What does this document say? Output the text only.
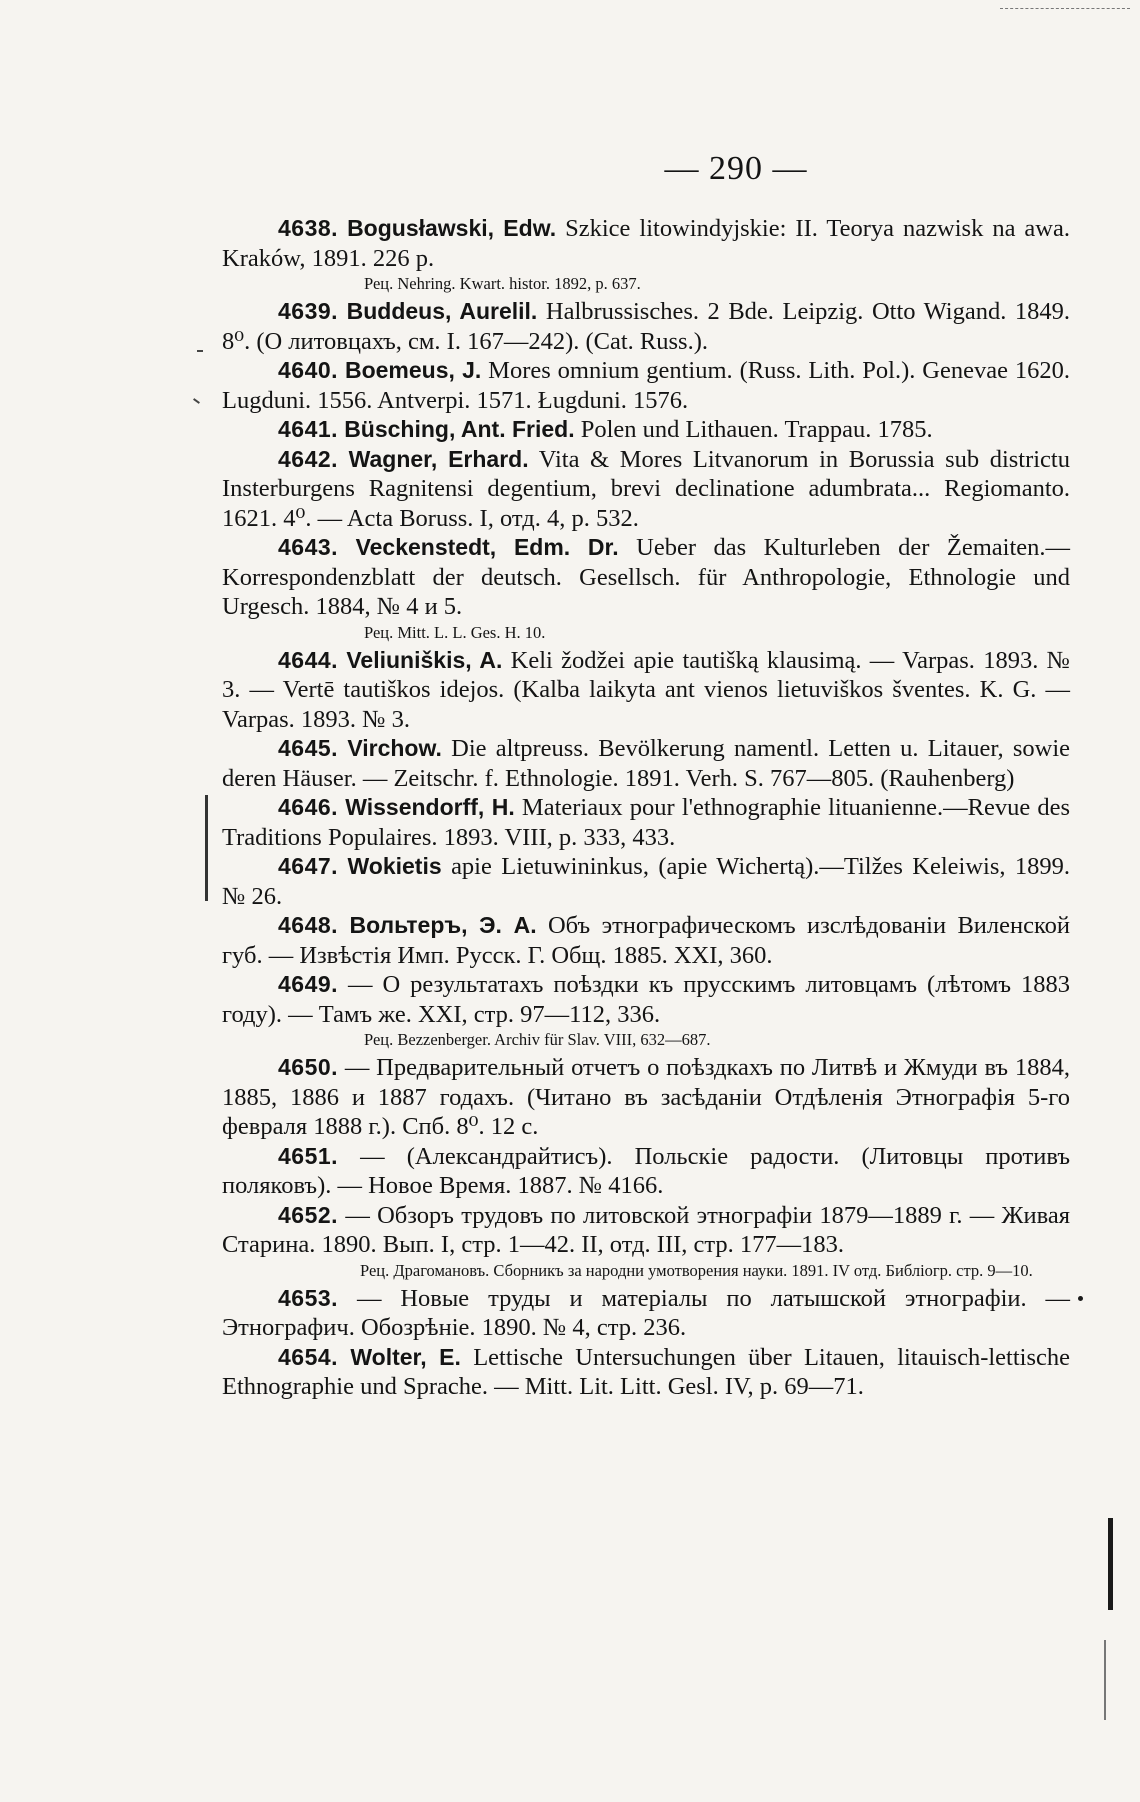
— 290 —

4638. Bogusławski, Edw. Szkice litowindyjskie: II. Teorya nazwisk na awa. Kraków, 1891. 226 p.

Рец. Nehring. Kwart. histor. 1892, p. 637.

4639. Buddeus, Aurelil. Halbrussisches. 2 Bde. Leipzig. Otto Wigand. 1849. 8⁰. (О литовцахъ, см. I. 167—242). (Cat. Russ.).

4640. Boemeus, J. Mores omnium gentium. (Russ. Lith. Pol.). Genevae 1620. Lugduni. 1556. Antverpi. 1571. Ługduni. 1576.

4641. Büsching, Ant. Fried. Polen und Lithauen. Trappau. 1785.

4642. Wagner, Erhard. Vita & Mores Litvanorum in Borussia sub districtu Insterburgens Ragnitensi degentium, brevi declinatione adumbrata... Regiomanto. 1621. 4⁰. — Acta Boruss. I, отд. 4, p. 532.

4643. Veckenstedt, Edm. Dr. Ueber das Kulturleben der Žemaiten.—Korrespondenzblatt der deutsch. Gesellsch. für Anthropologie, Ethnologie und Urgesch. 1884, № 4 и 5.

Рец. Mitt. L. L. Ges. H. 10.

4644. Veliuniškis, A. Keli žodžei apie tautišką klausimą. — Varpas. 1893. № 3. — Vertē tautiškos idejos. (Kalba laikyta ant vienos lietuviškos šventes. K. G. — Varpas. 1893. № 3.

4645. Virchow. Die altpreuss. Bevölkerung namentl. Letten u. Litauer, sowie deren Häuser. — Zeitschr. f. Ethnologie. 1891. Verh. S. 767—805. (Rauhenberg)

4646. Wissendorff, H. Materiaux pour l'ethnographie lituanienne.—Revue des Traditions Populaires. 1893. VIII, p. 333, 433.

4647. Wokietis apie Lietuwininkus, (apie Wichertą).—Tilžes Keleiwis, 1899. № 26.

4648. Вольтеръ, Э. А. Объ этнографическомъ изслѣдованіи Виленской губ. — Извѣстія Имп. Русск. Г. Общ. 1885. XXI, 360.

4649. — О результатахъ поѣздки къ прусскимъ литовцамъ (лѣтомъ 1883 году). — Тамъ же. XXI, стр. 97—112, 336.

Рец. Bezzenberger. Archiv für Slav. VIII, 632—687.

4650. — Предварительный отчетъ о поѣздкахъ по Литвѣ и Жмуди въ 1884, 1885, 1886 и 1887 годахъ. (Читано въ засѣданіи Отдѣленія Этнографія 5-го февраля 1888 г.). Спб. 8⁰. 12 с.

4651. — (Александрайтисъ). Польскіе радости. (Литовцы противъ поляковъ). — Новое Время. 1887. № 4166.

4652. — Обзоръ трудовъ по литовской этнографіи 1879—1889 г. — Живая Старина. 1890. Вып. I, стр. 1—42. II, отд. III, стр. 177—183.

Рец. Драгомановъ. Сборникъ за народни умотворения науки. 1891. IV отд. Библіогр. стр. 9—10.

4653. — Новые труды и матеріалы по латышской этнографіи. — Этнографич. Обозрѣніе. 1890. № 4, стр. 236.

4654. Wolter, E. Lettische Untersuchungen über Litauen, litauisch-lettische Ethnographie und Sprache. — Mitt. Lit. Litt. Gesl. IV, p. 69—71.
